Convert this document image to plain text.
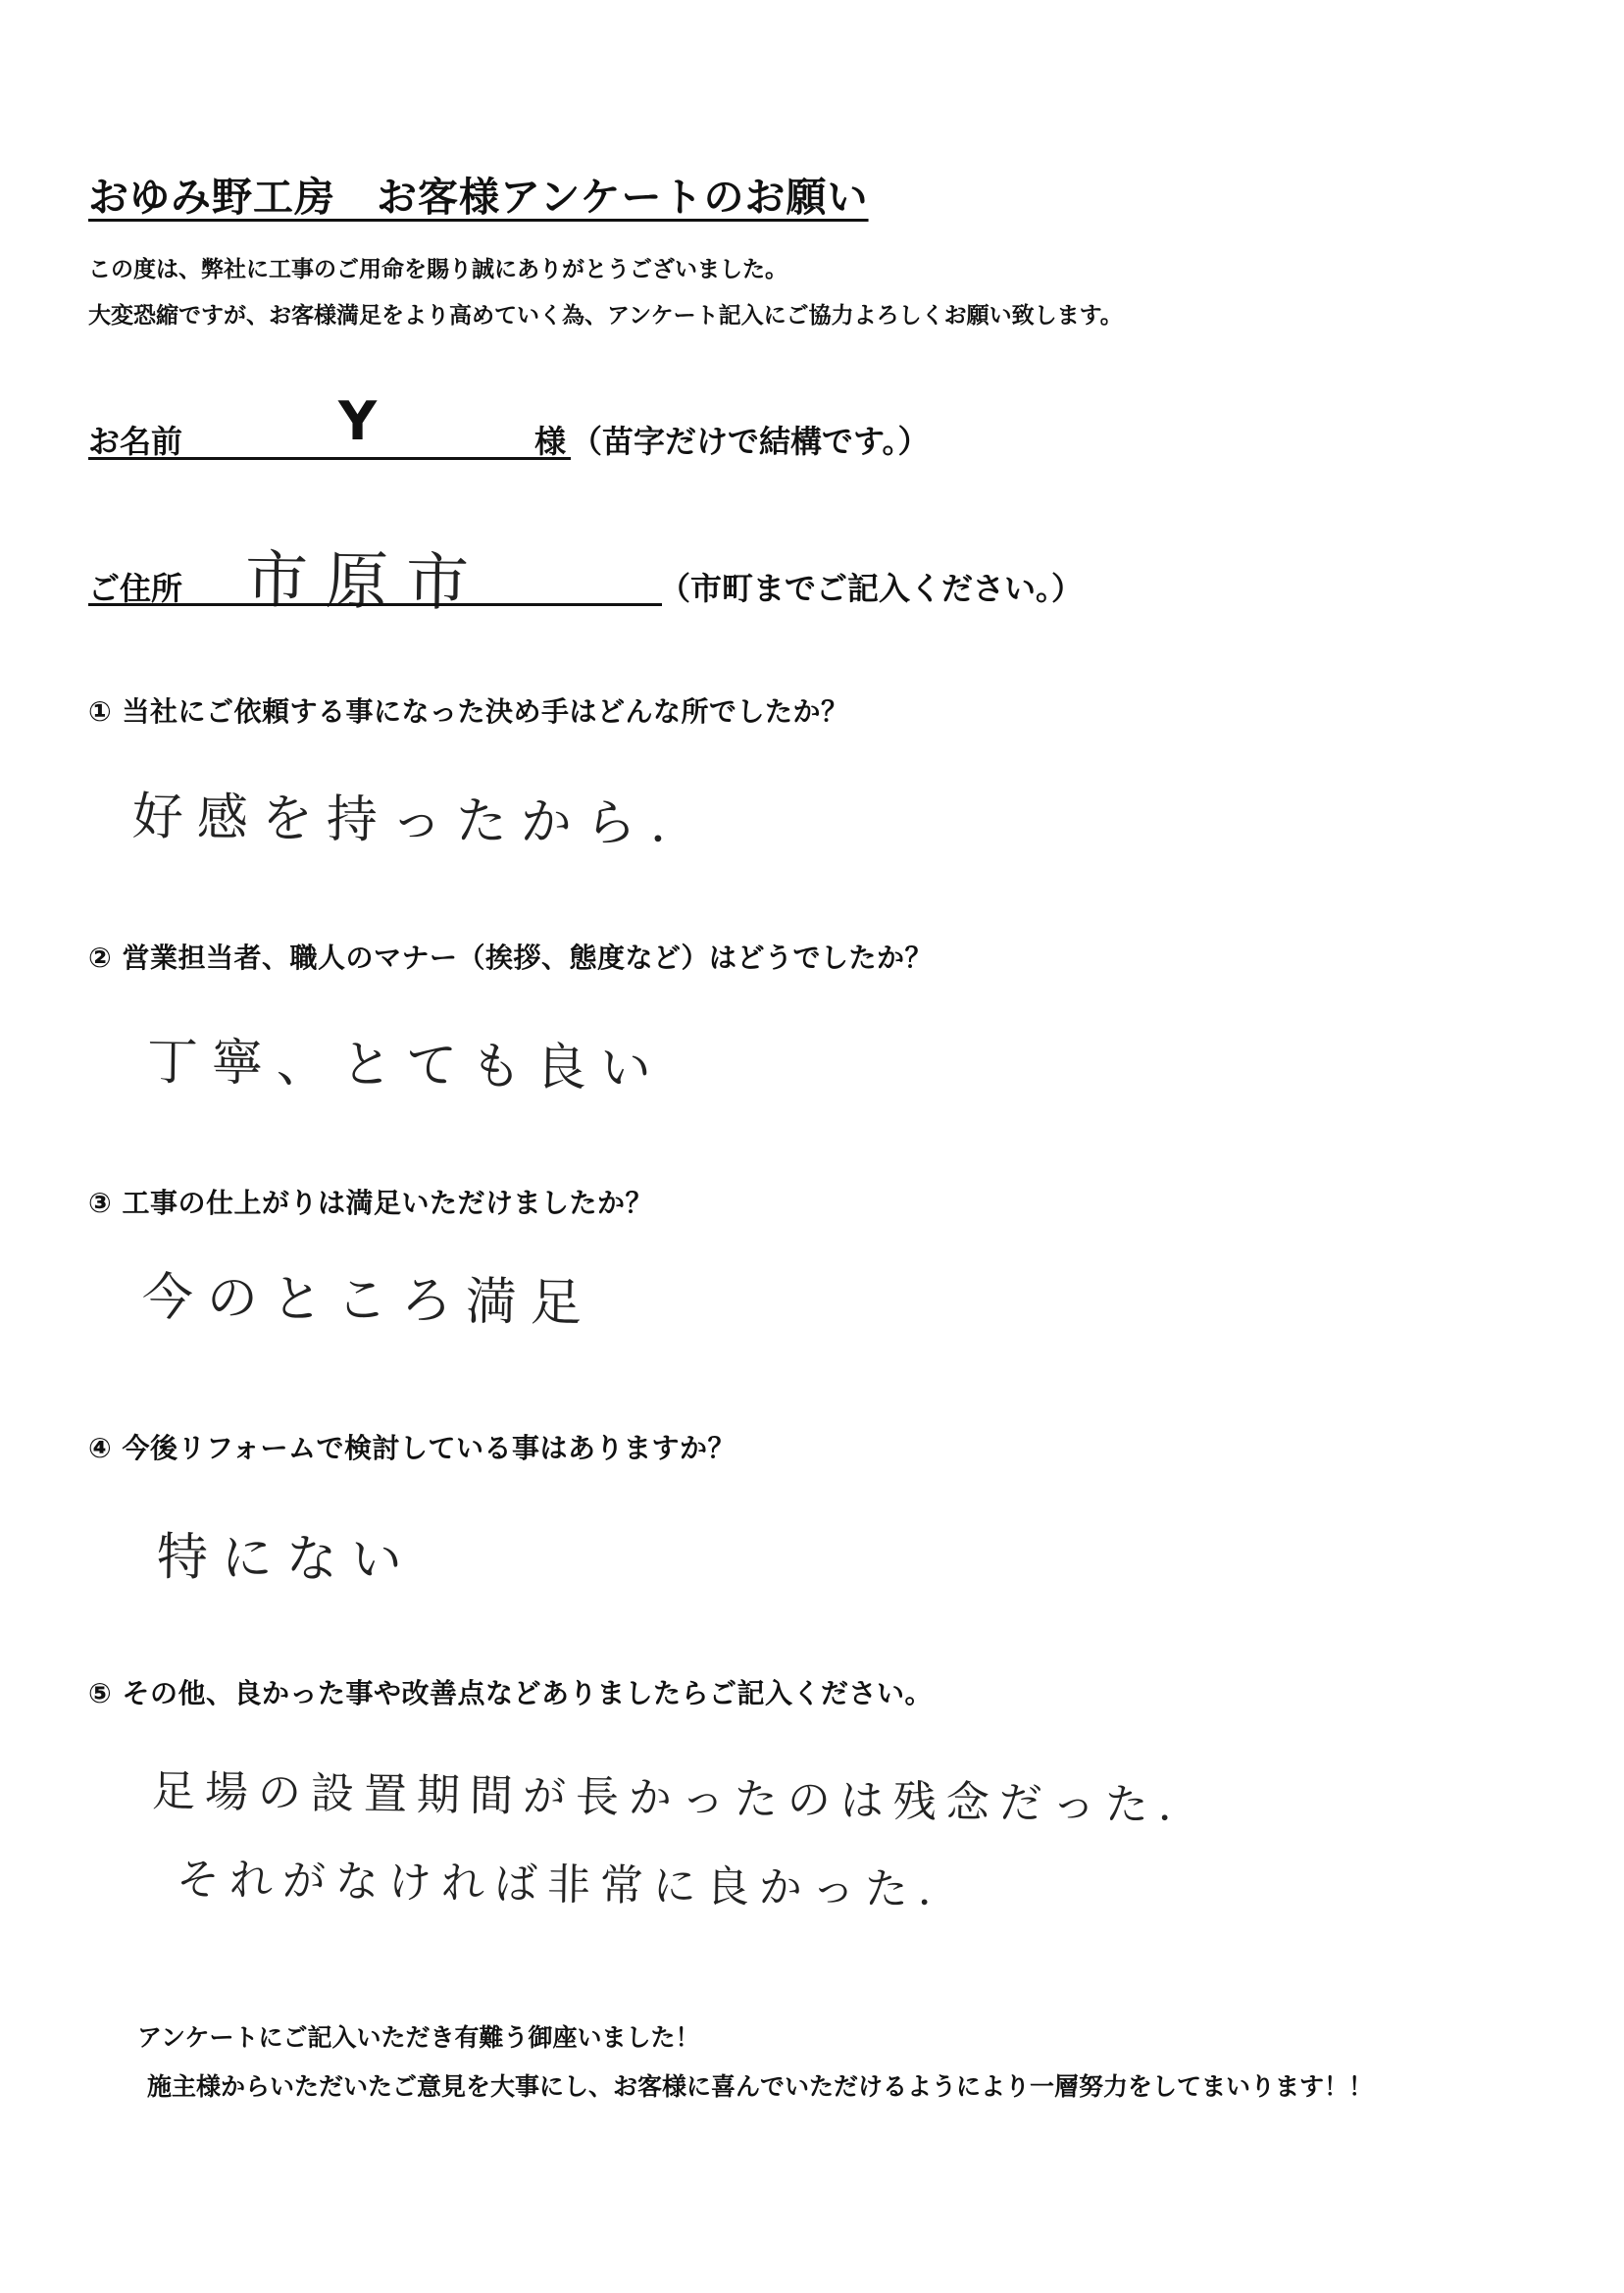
おゆみ野工房　お客様アンケートのお願い
この度は、弊社に工事のご用命を賜り誠にありがとうございました。
大変恐縮ですが、お客様満足をより高めていく為、アンケート記入にご協力よろしくお願い致します。
お名前	Y	様 （苗字だけで結構です。）
ご住所 市原市	（市町までご記入ください。）
① 当社にご依頼する事になった決め手はどんな所でしたか？
好感を持ったから.
② 営業担当者、職人のマナー（挨拶、態度など）はどうでしたか？
丁寧、とても良い
③ 工事の仕上がりは満足いただけましたか？
今のところ満足
④ 今後リフォームで検討している事はありますか？
特にない
⑤ その他、良かった事や改善点などありましたらご記入ください。
足場の設置期間が長かったのは残念だった.
それがなければ非常に良かった.
アンケートにご記入いただき有難う御座いました！
施主様からいただいたご意見を大事にし、お客様に喜んでいただけるようにより一層努力をしてまいります！！
